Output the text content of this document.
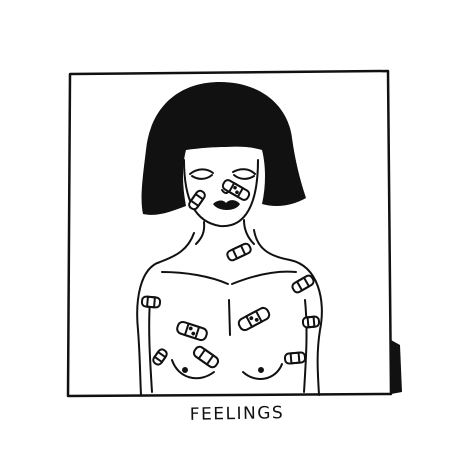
FEELINGS
